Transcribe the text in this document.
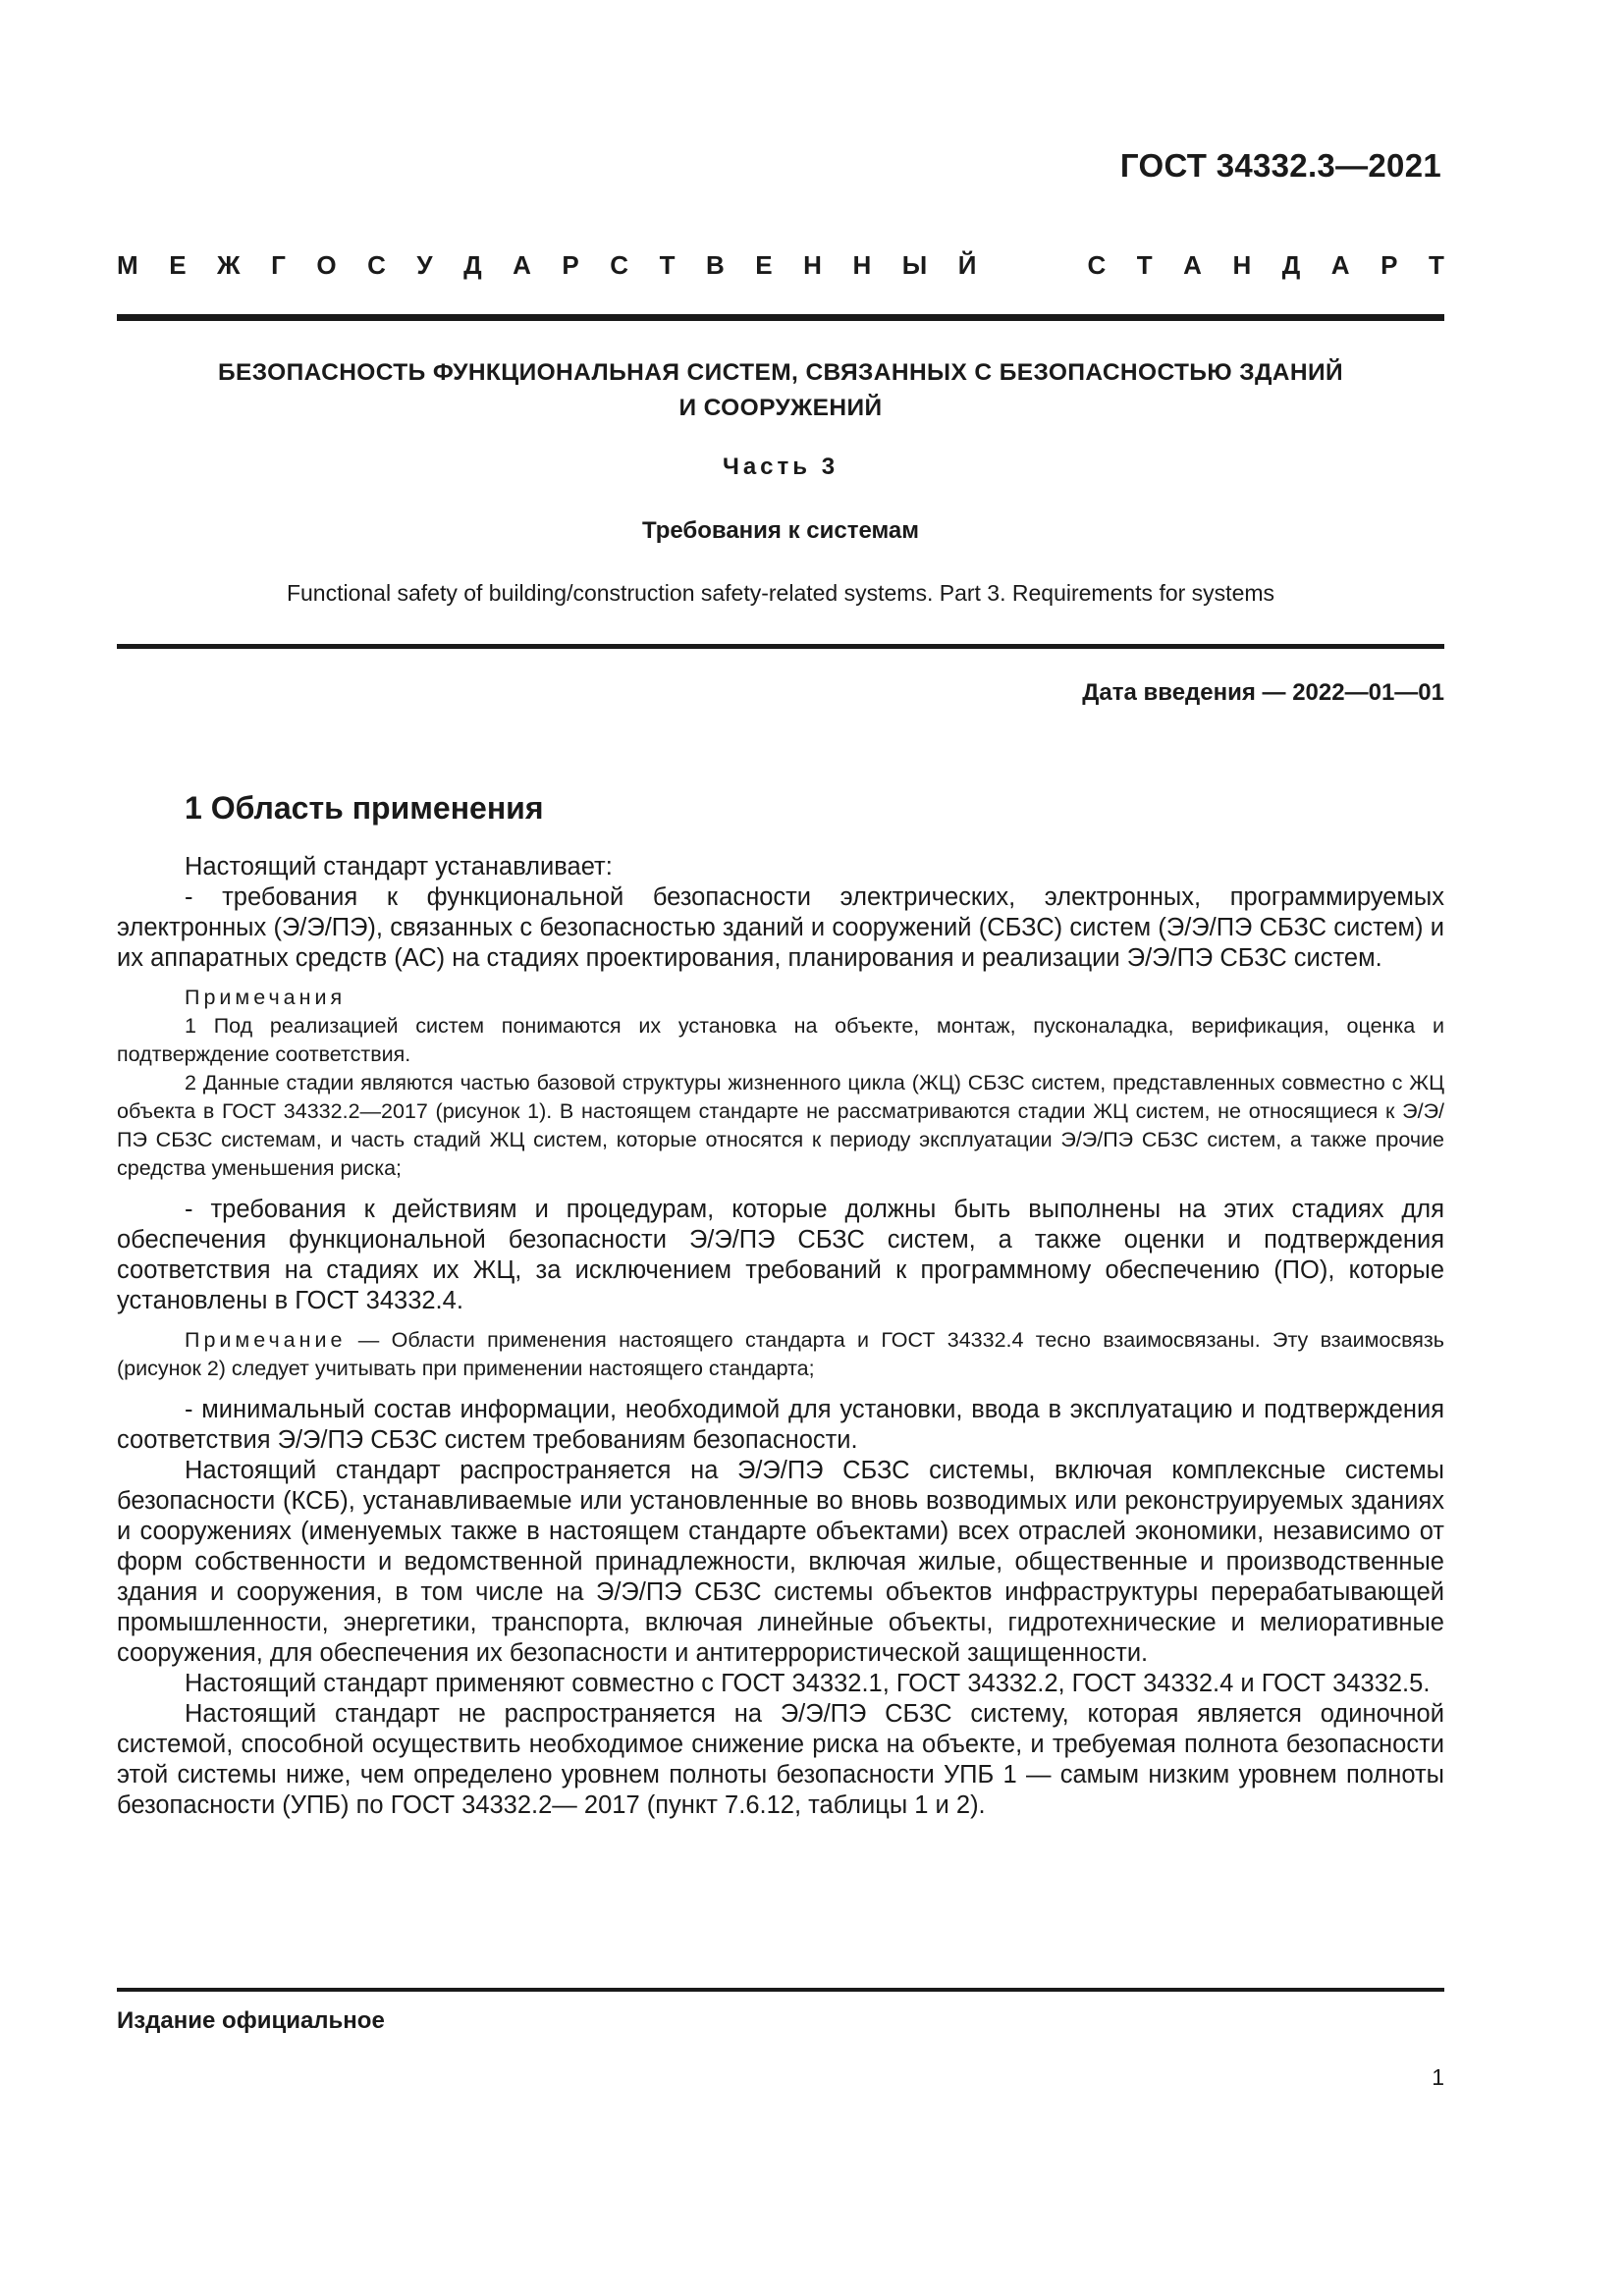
ГОСТ 34332.3—2021
М Е Ж Г О С У Д А Р С Т В Е Н Н Ы Й	С Т А Н Д А Р Т
БЕЗОПАСНОСТЬ ФУНКЦИОНАЛЬНАЯ СИСТЕМ, СВЯЗАННЫХ С БЕЗОПАСНОСТЬЮ ЗДАНИЙ
И СООРУЖЕНИЙ
Часть 3
Требования к системам
Functional safety of building/construction safety-related systems. Part 3. Requirements for systems
Дата введения — 2022—01—01
1 Область применения

Настоящий стандарт устанавливает:

- требования к функциональной безопасности электрических, электронных, программируемых электронных (Э/Э/ПЭ), связанных с безопасностью зданий и сооружений (СБЗС) систем (Э/Э/ПЭ СБЗС систем) и их аппаратных средств (АС) на стадиях проектирования, планирования и реализации Э/Э/ПЭ СБЗС систем.

Примечания

1 Под реализацией систем понимаются их установка на объекте, монтаж, пусконаладка, верификация, оценка и подтверждение соответствия.

2 Данные стадии являются частью базовой структуры жизненного цикла (ЖЦ) СБЗС систем, представленных совместно с ЖЦ объекта в ГОСТ 34332.2—2017 (рисунок 1). В настоящем стандарте не рассматриваются стадии ЖЦ систем, не относящиеся к Э/Э/ПЭ СБЗС системам, и часть стадий ЖЦ систем, которые относятся к периоду эксплуатации Э/Э/ПЭ СБЗС систем, а также прочие средства уменьшения риска;

- требования к действиям и процедурам, которые должны быть выполнены на этих стадиях для обеспечения функциональной безопасности Э/Э/ПЭ СБЗС систем, а также оценки и подтверждения соответствия на стадиях их ЖЦ, за исключением требований к программному обеспечению (ПО), которые установлены в ГОСТ 34332.4.

Примечание — Области применения настоящего стандарта и ГОСТ 34332.4 тесно взаимосвязаны. Эту взаимосвязь (рисунок 2) следует учитывать при применении настоящего стандарта;

- минимальный состав информации, необходимой для установки, ввода в эксплуатацию и подтверждения соответствия Э/Э/ПЭ СБЗС систем требованиям безопасности.

Настоящий стандарт распространяется на Э/Э/ПЭ СБЗС системы, включая комплексные системы безопасности (КСБ), устанавливаемые или установленные во вновь возводимых или реконструируемых зданиях и сооружениях (именуемых также в настоящем стандарте объектами) всех отраслей экономики, независимо от форм собственности и ведомственной принадлежности, включая жилые, общественные и производственные здания и сооружения, в том числе на Э/Э/ПЭ СБЗС системы объектов инфраструктуры перерабатывающей промышленности, энергетики, транспорта, включая линейные объекты, гидротехнические и мелиоративные сооружения, для обеспечения их безопасности и антитеррористической защищенности.

Настоящий стандарт применяют совместно с ГОСТ 34332.1, ГОСТ 34332.2, ГОСТ 34332.4 и ГОСТ 34332.5.

Настоящий стандарт не распространяется на Э/Э/ПЭ СБЗС систему, которая является одиночной системой, способной осуществить необходимое снижение риска на объекте, и требуемая полнота безопасности этой системы ниже, чем определено уровнем полноты безопасности УПБ 1 — самым низким уровнем полноты безопасности (УПБ) по ГОСТ 34332.2— 2017 (пункт 7.6.12, таблицы 1 и 2).

Издание официальное
1
